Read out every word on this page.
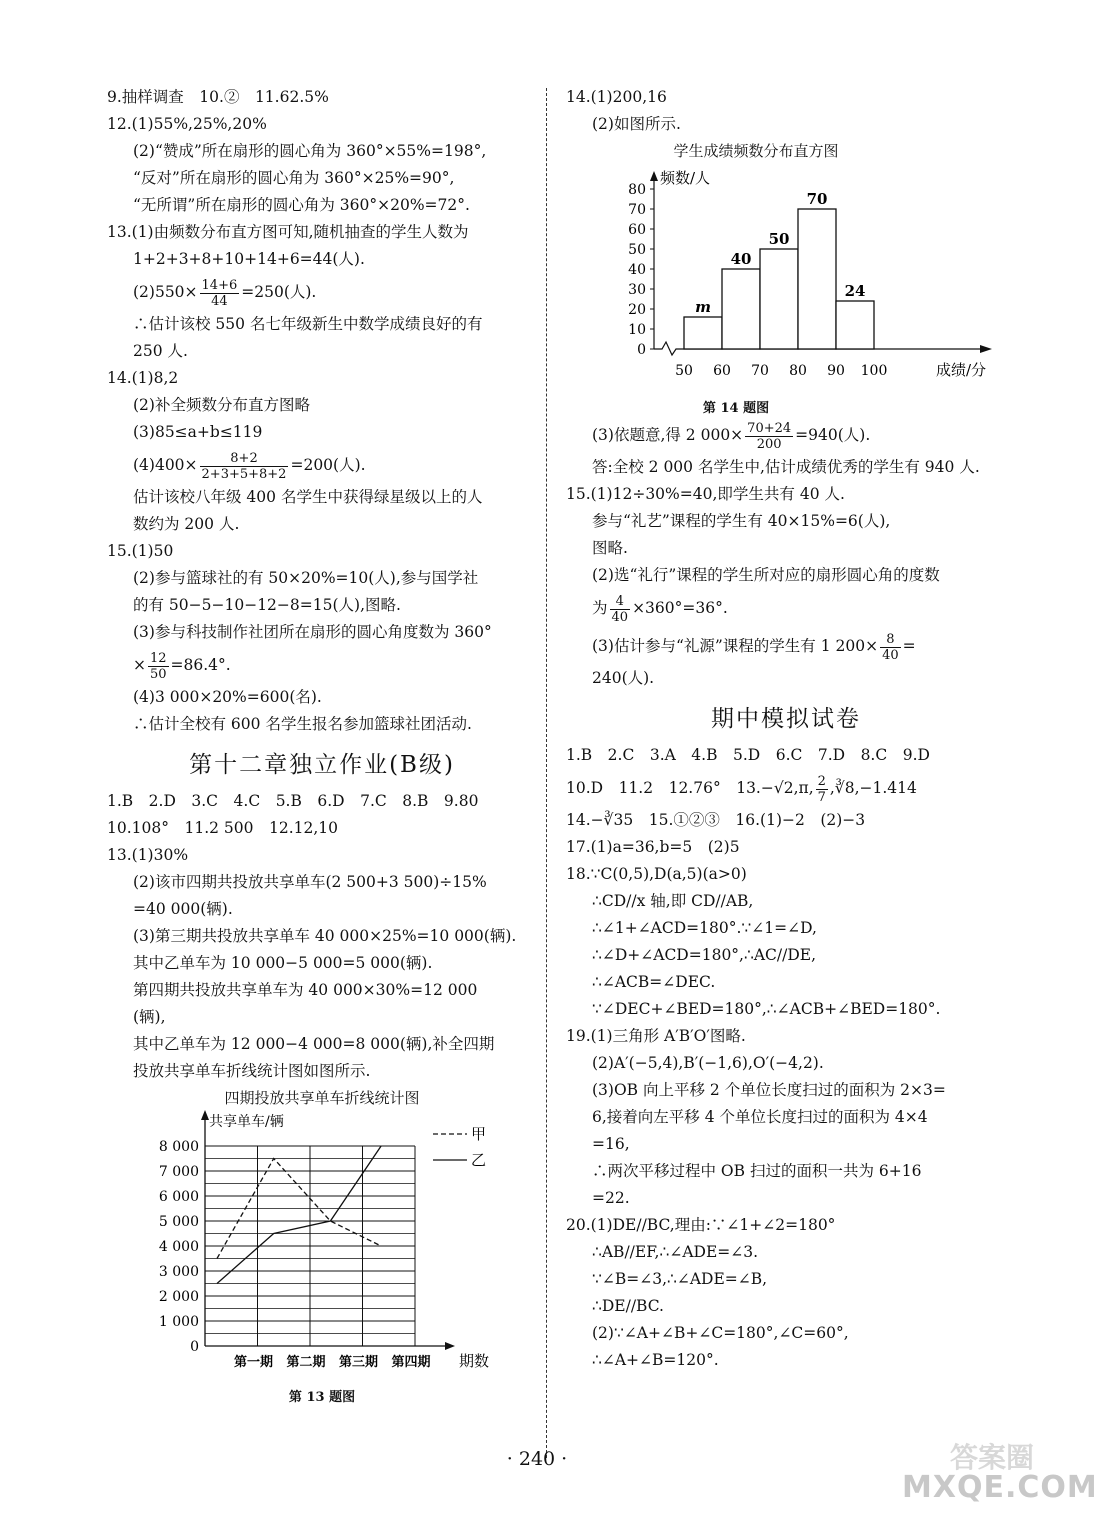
9.抽样调查　10.②　11.62.5%
12.(1)55%,25%,20%
(2)“赞成”所在扇形的圆心角为 360°×55%=198°,
“反对”所在扇形的圆心角为 360°×25%=90°,
“无所谓”所在扇形的圆心角为 360°×20%=72°.
13.(1)由频数分布直方图可知,随机抽查的学生人数为
1+2+3+8+10+14+6=44(人).
$(2)550\times \frac{14+6}{44} =250$(人).
∴估计该校 550 名七年级新生中数学成绩良好的有
250 人.
14.(1)8,2
(2)补全频数分布直方图略
(3)85≤a+b≤119
$(4)400\times \frac{8+2}{2+3+5+8+2} =200$(人).
估计该校八年级 400 名学生中获得绿星级以上的人
数约为 200 人.
15.(1)50
(2)参与篮球社的有 50×20%=10(人),参与国学社
的有 50−5−10−12−8=15(人),图略.
(3)参与科技制作社团所在扇形的圆心角度数为 360°
× $\frac{12}{50} =86.4^\circ$.
(4)3 000×20%=600(名).
∴估计全校有 600 名学生报名参加篮球社团活动.
第十二章独立作业(B级)
1.B　2.D　3.C　4.C　5.B　6.D　7.C　8.B　9.80
10.108°　11.2 500　12.12,10
13.(1)30%
(2)该市四期共投放共享单车(2 500+3 500)÷15%
=40 000(辆).
(3)第三期共投放共享单车 40 000×25%=10 000(辆).
其中乙单车为 10 000−5 000=5 000(辆).
第四期共投放共享单车为 40 000×30%=12 000
(辆),
其中乙单车为 12 000−4 000=8 000(辆),补全四期
投放共享单车折线统计图如图所示.
四期投放共享单车折线统计图
共享单车/辆
期数
0
1 000
2 000
3 000
4 000
5 000
6 000
7 000
8 000
第一期 第二期 第三期 第四期
甲
乙
第 13 题图
14.(1)200,16
(2)如图所示.
学生成绩频数分布直方图
频数/人
成绩/分
0
10
20
30
40
50
60
70
80
50 60 70 80 90 100
m
40
50
70
24
第 14 题图
(3)依题意,得 2 $000\times \frac{70+24}{200} =940$(人).
答:全校 2 000 名学生中,估计成绩优秀的学生有 940 人.
15.(1)12÷30%=40,即学生共有 40 人.
参与“礼艺”课程的学生有 40×15%=6(人),
图略.
(2)选“礼行”课程的学生所对应的扇形圆心角的度数
为 $\frac{4}{40} \times 360^\circ=36^\circ$.
(3)估计参与“礼源”课程的学生有 1 $200\times \frac{8}{40}$ =
240(人).
期中模拟试卷
1.B　2.C　3.A　4.B　5.D　6.C　7.D　8.C　9.D
10.D　11.2　12.76°　13.−√2,π, $\frac{2}{7}$ ,∛8,−1.414
14.−∛35　15.①②③　16.(1)−2　(2)−3
17.(1)a=36,b=5　(2)5
18.∵C(0,5),D(a,5)(a>0)
∴CD//x 轴,即 CD//AB,
∴∠1+∠ACD=180°.∵∠1=∠D,
∴∠D+∠ACD=180°,∴AC//DE,
∴∠ACB=∠DEC.
∵∠DEC+∠BED=180°,∴∠ACB+∠BED=180°.
19.(1)三角形 A′B′O′图略.
(2)A′(−5,4),B′(−1,6),O′(−4,2).
(3)OB 向上平移 2 个单位长度扫过的面积为 2×3=
6,接着向左平移 4 个单位长度扫过的面积为 4×4
=16,
∴两次平移过程中 OB 扫过的面积一共为 6+16
=22.
20.(1)DE//BC,理由:∵∠1+∠2=180°
∴AB//EF,∴∠ADE=∠3.
∵∠B=∠3,∴∠ADE=∠B,
∴DE//BC.
(2)∵∠A+∠B+∠C=180°,∠C=60°,
∴∠A+∠B=120°.
· 240 ·	答案圈
MXQE.COM
